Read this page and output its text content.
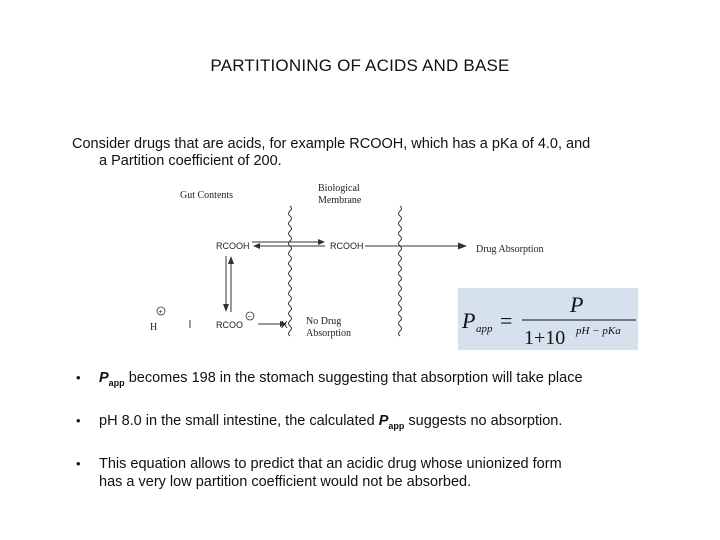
PARTITIONING OF ACIDS AND BASE
Consider drugs that are acids, for example RCOOH, which has a pKa of 4.0, and
a Partition coefficient of 200.
Gut Contents
Biological
Membrane
RCOOH	RCOOH	Drug Absorption
H
+
RCOO
−
X No Drug
Absorption
P app =
P
1+10 pH − pKa
• $P_{app}$ becomes 198 in the stomach suggesting that absorption will take place
• pH 8.0 in the small intestine, the calculated $P_{app}$ suggests no absorption.
• This equation allows to predict that an acidic drug whose unionized form
has a very low partition coefficient would not be absorbed.
